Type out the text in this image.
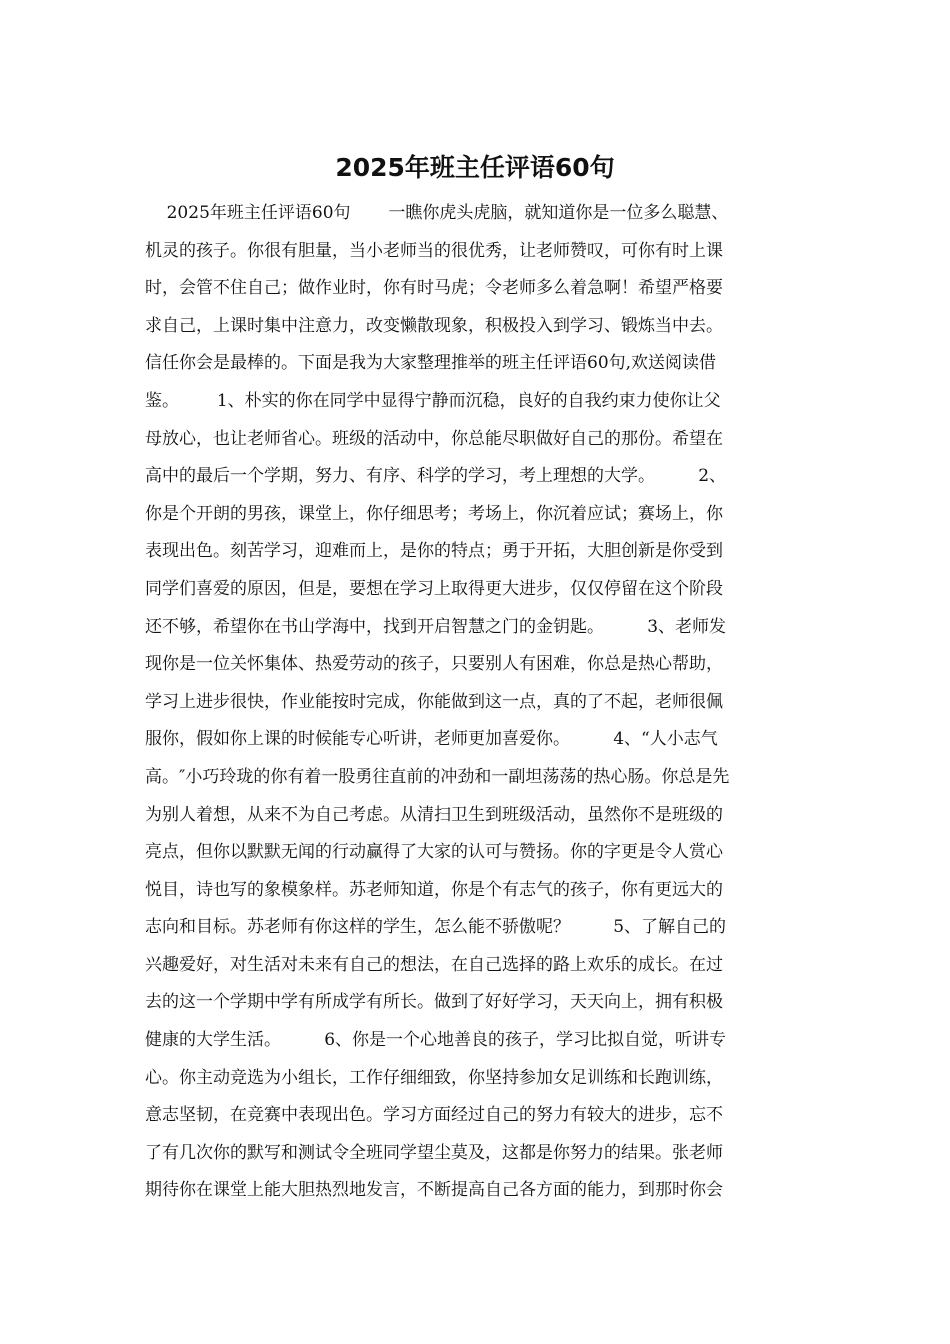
2025年班主任评语60句
2025年班主任评语60句       一瞧你虎头虎脑，就知道你是一位多么聪慧、
机灵的孩子。你很有胆量，当小老师当的很优秀，让老师赞叹，可你有时上课
时，会管不住自己；做作业时，你有时马虎；令老师多么着急啊！希望严格要
求自己，上课时集中注意力，改变懒散现象，积极投入到学习、锻炼当中去。
信任你会是最棒的。下面是我为大家整理推举的班主任评语60句,欢送阅读借
鉴。       1、朴实的你在同学中显得宁静而沉稳，良好的自我约束力使你让父
母放心，也让老师省心。班级的活动中，你总能尽职做好自己的那份。希望在
高中的最后一个学期，努力、有序、科学的学习，考上理想的大学。        2、
你是个开朗的男孩，课堂上，你仔细思考；考场上，你沉着应试；赛场上，你
表现出色。刻苦学习，迎难而上，是你的特点；勇于开拓，大胆创新是你受到
同学们喜爱的原因，但是，要想在学习上取得更大进步，仅仅停留在这个阶段
还不够，希望你在书山学海中，找到开启智慧之门的金钥匙。        3、老师发
现你是一位关怀集体、热爱劳动的孩子，只要别人有困难，你总是热心帮助，
学习上进步很快，作业能按时完成，你能做到这一点，真的了不起，老师很佩
服你，假如你上课的时候能专心听讲，老师更加喜爱你。        4、“人小志气
高。″小巧玲珑的你有着一股勇往直前的冲劲和一副坦荡荡的热心肠。你总是先
为别人着想，从来不为自己考虑。从清扫卫生到班级活动，虽然你不是班级的
亮点，但你以默默无闻的行动赢得了大家的认可与赞扬。你的字更是令人赏心
悦目，诗也写的象模象样。苏老师知道，你是个有志气的孩子，你有更远大的
志向和目标。苏老师有你这样的学生，怎么能不骄傲呢？        5、了解自己的
兴趣爱好，对生活对未来有自己的想法，在自己选择的路上欢乐的成长。在过
去的这一个学期中学有所成学有所长。做到了好好学习，天天向上，拥有积极
健康的大学生活。        6、你是一个心地善良的孩子，学习比拟自觉，听讲专
心。你主动竞选为小组长，工作仔细细致，你坚持参加女足训练和长跑训练，
意志坚韧，在竞赛中表现出色。学习方面经过自己的努力有较大的进步，忘不
了有几次你的默写和测试令全班同学望尘莫及，这都是你努力的结果。张老师
期待你在课堂上能大胆热烈地发言，不断提高自己各方面的能力，到那时你会
